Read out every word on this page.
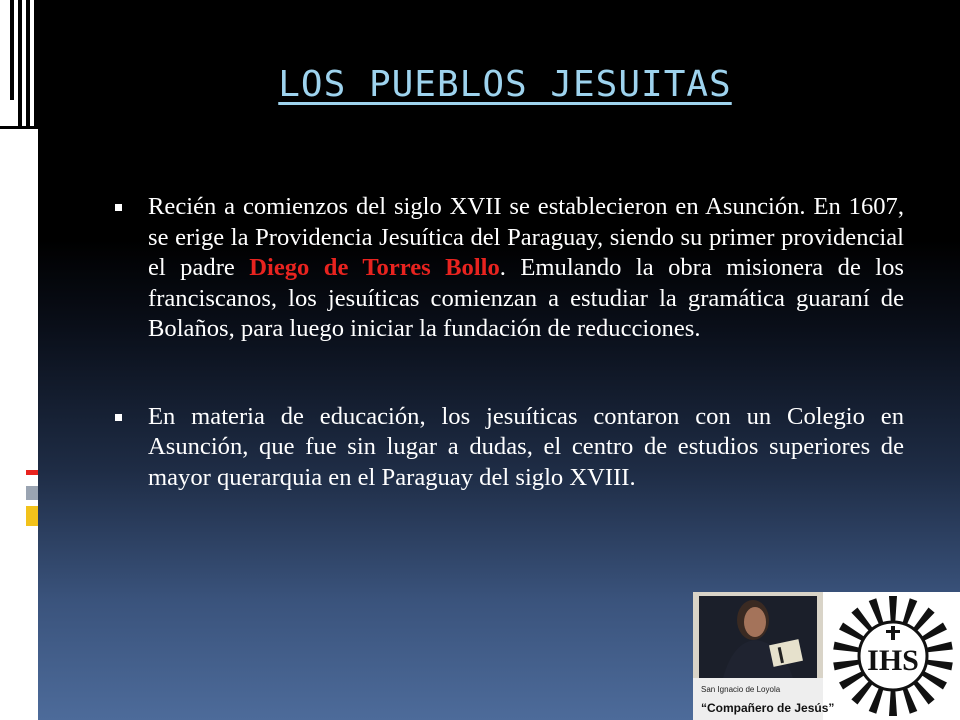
LOS PUEBLOS JESUITAS
Recién a comienzos del siglo XVII se establecieron en Asunción. En 1607, se erige la Providencia Jesuítica del Paraguay, siendo su primer providencial el padre Diego de Torres Bollo. Emulando la obra misionera de los franciscanos, los jesuíticas comienzan a estudiar la gramática guaraní de Bolaños, para luego iniciar la fundación de reducciones.
En materia de educación, los jesuíticas contaron con un Colegio en Asunción, que fue sin lugar a dudas, el centro de estudios superiores de mayor querarquia en el Paraguay del siglo XVIII.
IHS
San Ignacio de Loyola
“Compañero de Jesús”
